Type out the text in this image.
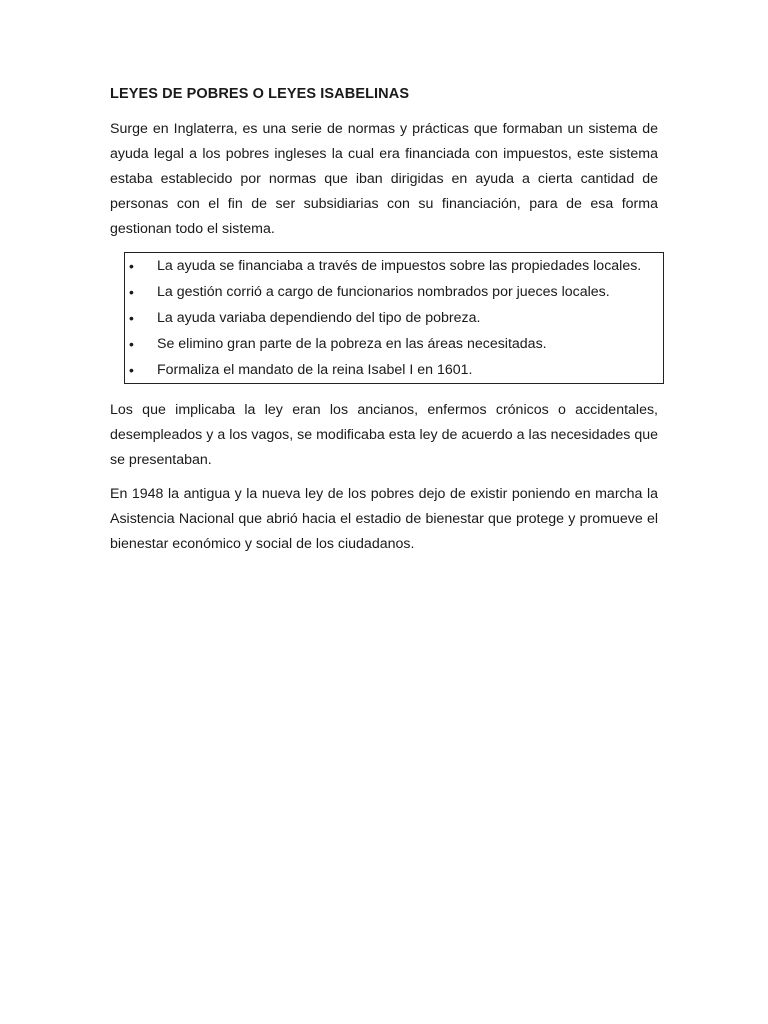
LEYES DE POBRES O LEYES ISABELINAS

Surge en Inglaterra, es una serie de normas y prácticas que formaban un sistema de ayuda legal a los pobres ingleses la cual era financiada con impuestos, este sistema estaba establecido por normas que iban dirigidas en ayuda a cierta cantidad de personas con el fin de ser subsidiarias con su financiación, para de esa forma gestionan todo el sistema.

• La ayuda se financiaba a través de impuestos sobre las propiedades locales.
• La gestión corrió a cargo de funcionarios nombrados por jueces locales.
• La ayuda variaba dependiendo del tipo de pobreza.
• Se elimino gran parte de la pobreza en las áreas necesitadas.
• Formaliza el mandato de la reina Isabel I en 1601.

Los que implicaba la ley eran los ancianos, enfermos crónicos o accidentales, desempleados y a los vagos, se modificaba esta ley de acuerdo a las necesidades que se presentaban.

En 1948 la antigua y la nueva ley de los pobres dejo de existir poniendo en marcha la Asistencia Nacional que abrió hacia el estadio de bienestar que protege y promueve el bienestar económico y social de los ciudadanos.
